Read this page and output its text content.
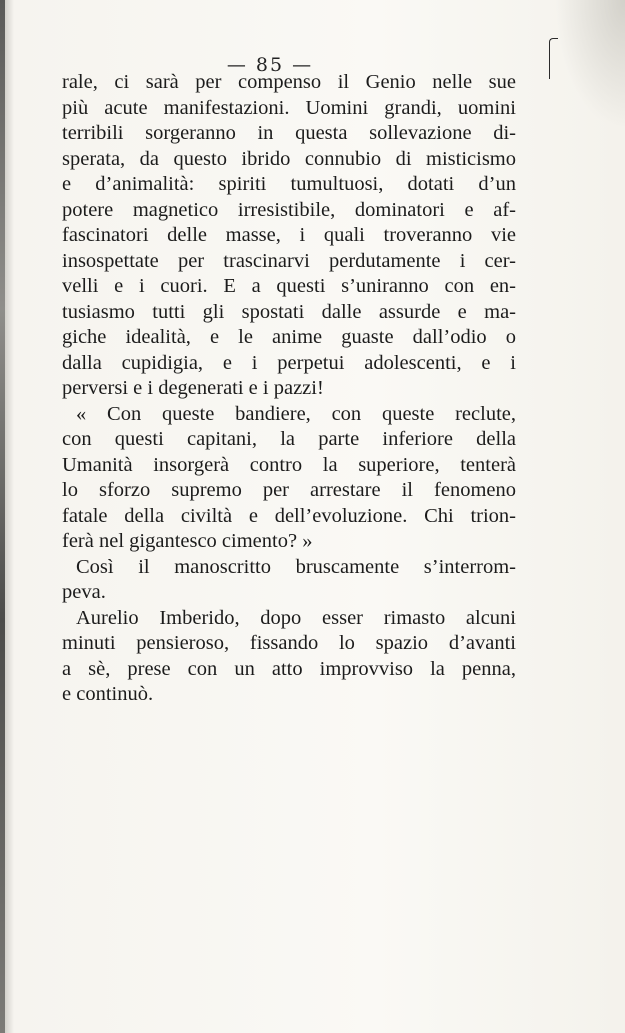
— 85 —
rale, ci sarà per compenso il Genio nelle sue
più acute manifestazioni. Uomini grandi, uomini
terribili sorgeranno in questa sollevazione di-
sperata, da questo ibrido connubio di misticismo
e d’animalità: spiriti tumultuosi, dotati d’un
potere magnetico irresistibile, dominatori e af-
fascinatori delle masse, i quali troveranno vie
insospettate per trascinarvi perdutamente i cer-
velli e i cuori. E a questi s’uniranno con en-
tusiasmo tutti gli spostati dalle assurde e ma-
giche idealità, e le anime guaste dall’odio o
dalla cupidigia, e i perpetui adolescenti, e i
perversi e i degenerati e i pazzi!
« Con queste bandiere, con queste reclute,
con questi capitani, la parte inferiore della
Umanità insorgerà contro la superiore, tenterà
lo sforzo supremo per arrestare il fenomeno
fatale della civiltà e dell’evoluzione. Chi trion-
ferà nel gigantesco cimento? »
Così il manoscritto bruscamente s’interrom-
peva.
Aurelio Imberido, dopo esser rimasto alcuni
minuti pensieroso, fissando lo spazio d’avanti
a sè, prese con un atto improvviso la penna,
e continuò.
